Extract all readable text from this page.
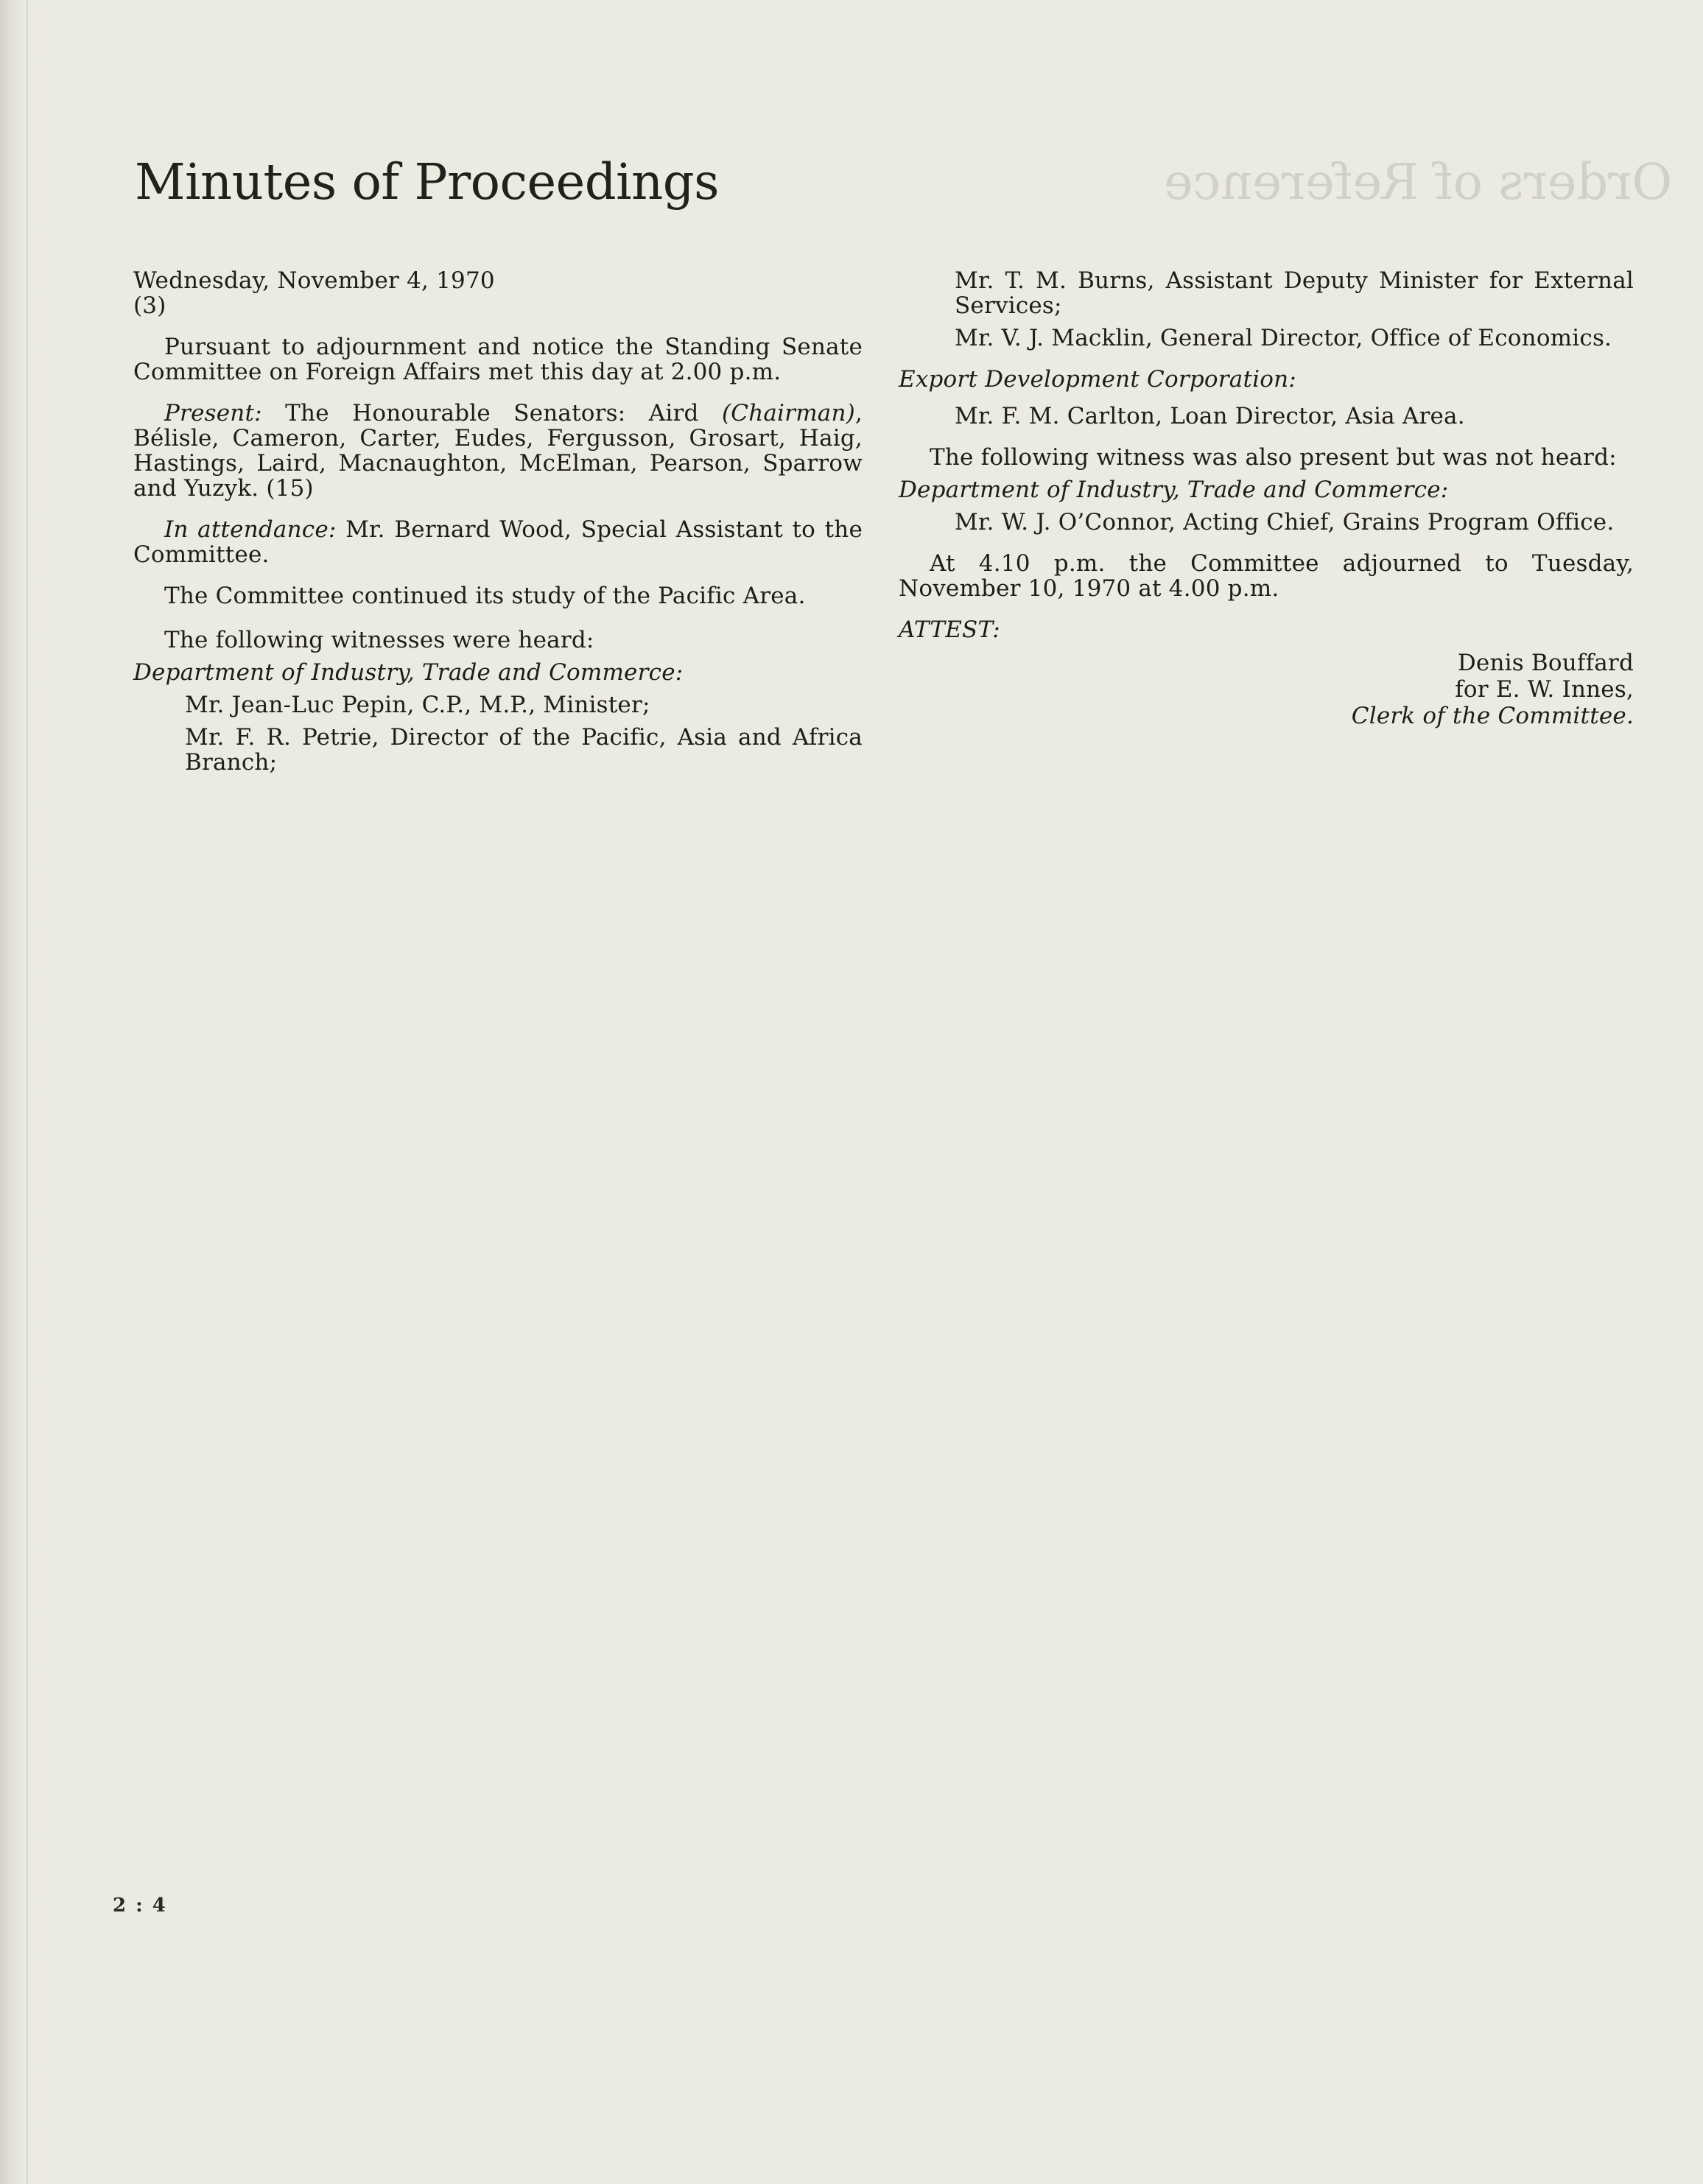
Orders of Reference
Minutes of Proceedings

Wednesday, November 4, 1970

(3)

Pursuant to adjournment and notice the Standing Senate Committee on Foreign Affairs met this day at 2.00 p.m.

Present: The Honourable Senators: Aird (Chairman), Bélisle, Cameron, Carter, Eudes, Fergusson, Grosart, Haig, Hastings, Laird, Macnaughton, McElman, Pearson, Sparrow and Yuzyk. (15)

In attendance: Mr. Bernard Wood, Special Assistant to the Committee.

The Committee continued its study of the Pacific Area.

The following witnesses were heard:

Department of Industry, Trade and Commerce:

Mr. Jean-Luc Pepin, C.P., M.P., Minister;

Mr. F. R. Petrie, Director of the Pacific, Asia and Africa Branch;

Mr. T. M. Burns, Assistant Deputy Minister for External Services;

Mr. V. J. Macklin, General Director, Office of Economics.

Export Development Corporation:

Mr. F. M. Carlton, Loan Director, Asia Area.

The following witness was also present but was not heard:

Department of Industry, Trade and Commerce:

Mr. W. J. O’Connor, Acting Chief, Grains Program Office.

At 4.10 p.m. the Committee adjourned to Tuesday, November 10, 1970 at 4.00 p.m.

ATTEST:

Denis Bouffard
for E. W. Innes,
Clerk of the Committee.
2 : 4
